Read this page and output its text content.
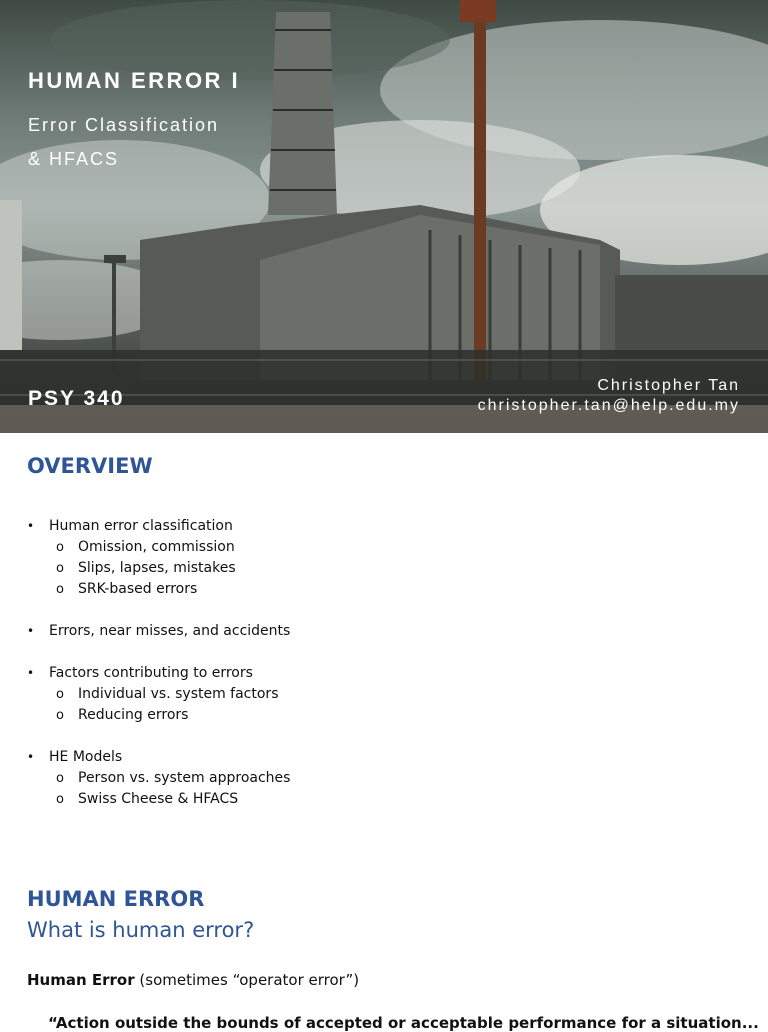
HUMAN ERROR I
Error Classification
& HFACS
PSY 340
Christopher Tan
christopher.tan@help.edu.my
OVERVIEW
• Human error classification
o Omission, commission
o Slips, lapses, mistakes
o SRK-based errors
• Errors, near misses, and accidents
• Factors contributing to errors
o Individual vs. system factors
o Reducing errors
• HE Models
o Person vs. system approaches
o Swiss Cheese & HFACS
HUMAN ERROR
What is human error?
Human Error (sometimes “operator error”)
“Action outside the bounds of accepted or acceptable performance for a situation...
